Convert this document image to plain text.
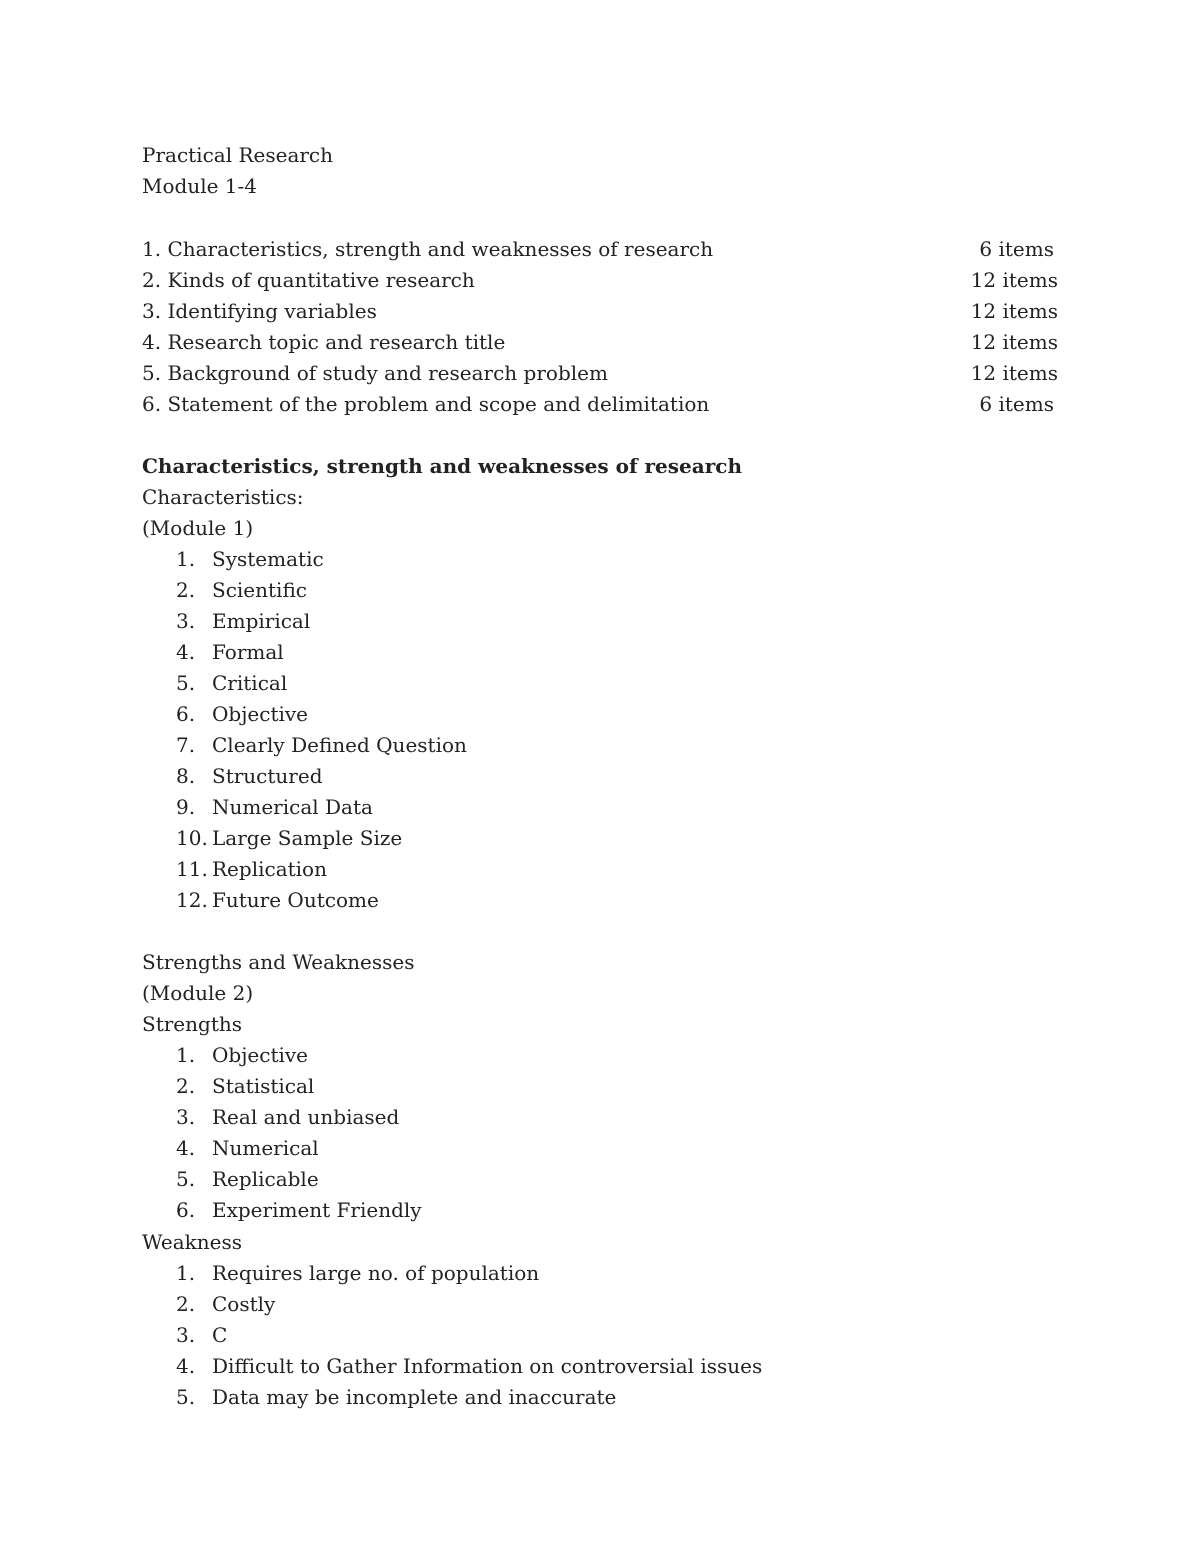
Practical Research
Module 1-4
1. Characteristics, strength and weaknesses of research	6 items
2. Kinds of quantitative research	12 items
3. Identifying variables	12 items
4. Research topic and research title	12 items
5. Background of study and research problem	12 items
6. Statement of the problem and scope and delimitation	6 items
Characteristics, strength and weaknesses of research
Characteristics:
(Module 1)
1. Systematic
2. Scientific
3. Empirical
4. Formal
5. Critical
6. Objective
7. Clearly Defined Question
8. Structured
9. Numerical Data
10. Large Sample Size
11. Replication
12. Future Outcome
Strengths and Weaknesses
(Module 2)
Strengths
1. Objective
2. Statistical
3. Real and unbiased
4. Numerical
5. Replicable
6. Experiment Friendly
Weakness
1. Requires large no. of population
2. Costly
3. C
4. Difficult to Gather Information on controversial issues
5. Data may be incomplete and inaccurate
